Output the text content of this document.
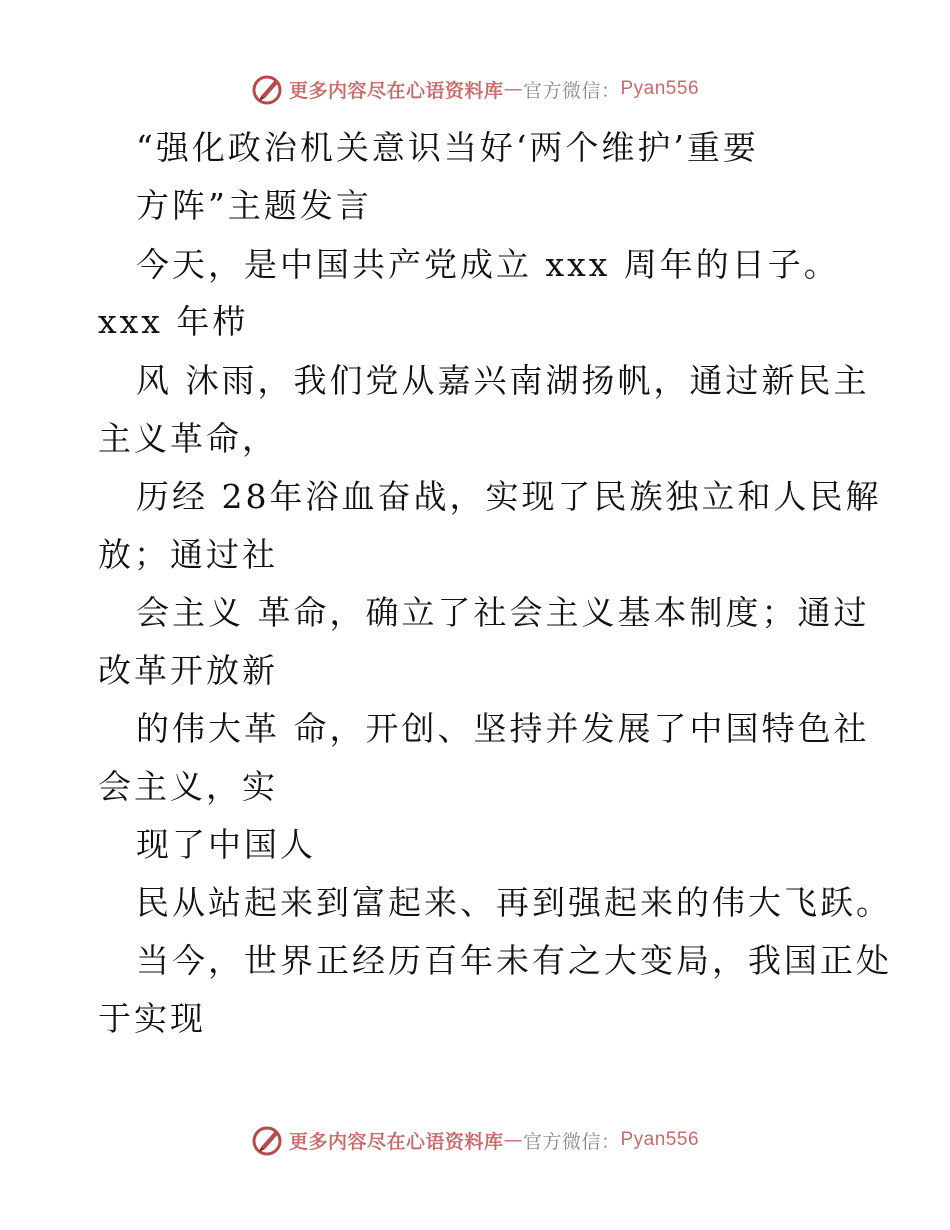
更多内容尽在心语资料库 — 官方微信： Pyan556
“强化政治机关意识当好‘两个维护’重要
方阵”主题发言
今天，是中国共产党成立 xxx 周年的日子。
xxx 年栉
风 沐雨，我们党从嘉兴南湖扬帆，通过新民主
主义革命，
历经 28年浴血奋战，实现了民族独立和人民解
放；通过社
会主义 革命，确立了社会主义基本制度；通过
改革开放新
的伟大革 命，开创、坚持并发展了中国特色社
会主义，实
现了中国人
民从站起来到富起来、再到强起来的伟大飞跃。
当今，世界正经历百年未有之大变局，我国正处
于实现
更多内容尽在心语资料库 — 官方微信： Pyan556
